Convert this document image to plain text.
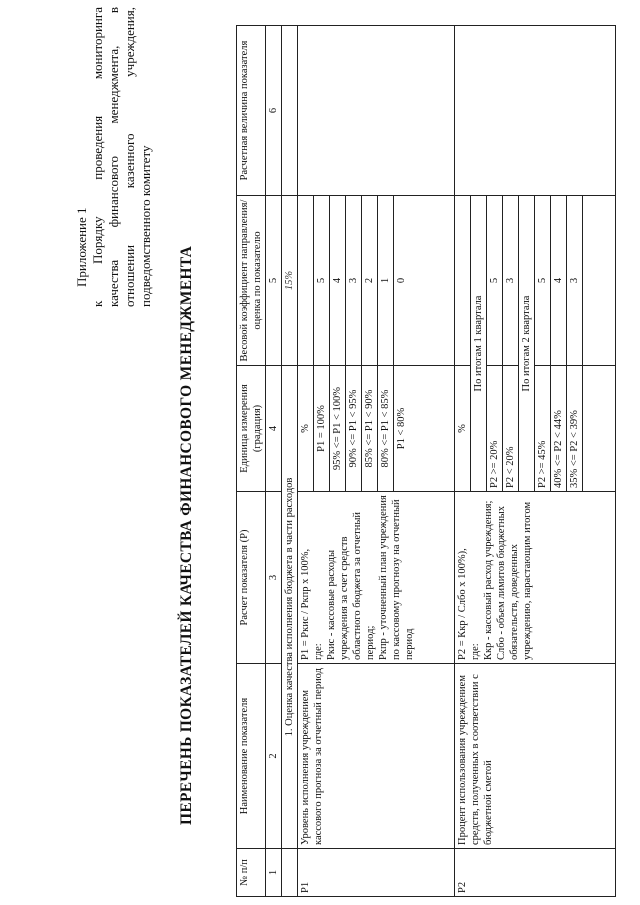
Приложение 1 к Порядку проведения мониторинга качества финансового менеджмента, в отношении казенного учреждения, подведомственного комитету
ПЕРЕЧЕНЬ ПОКАЗАТЕЛЕЙ КАЧЕСТВА ФИНАНСОВОГО МЕНЕДЖМЕНТА
№ п/п	Наименование показателя	Расчет показателя (Р)	Единица измерения (градация)	Весовой коэффициент направления/оценка по показателю	Расчетная величина показателя
1	2	3	4	5	6
	1. Оценка качества исполнения бюджета в части расходов			15%	
Р1	Уровень исполнения учреждением кассового прогноза за отчетный период	Р1 = Ркис / Ркпр х 100%, где: Ркис - кассовые расходы учреждения за счет средств областного бюджета за отчетный период; Ркпр - уточненный план учреждения по кассовому прогнозу на отчетный период	%		
			Р1 = 100%	5	
			95% <= Р1 < 100%	4	
			90% <= Р1 < 95%	3	
			85% <= Р1 < 90%	2	
			80% <= Р1 < 85%	1	
			Р1 < 80%	0	
Р2	Процент использования учреждением средств, полученных в соответствии с бюджетной сметой	Р2 = Ккр / Слбо х 100%), где: Ккр - кассовый расход учреждения; Слбо - объем лимитов бюджетных обязательств, доведенных учреждению, нарастающим итогом	%		
			По итогам 1 квартала		
			Р2 >= 20%	5	
			Р2 < 20%	3	
			По итогам 2 квартала		
			Р2 >= 45%	5	
			40% <= Р2 < 44%	4	
			35% <= Р2 < 39%	3	
